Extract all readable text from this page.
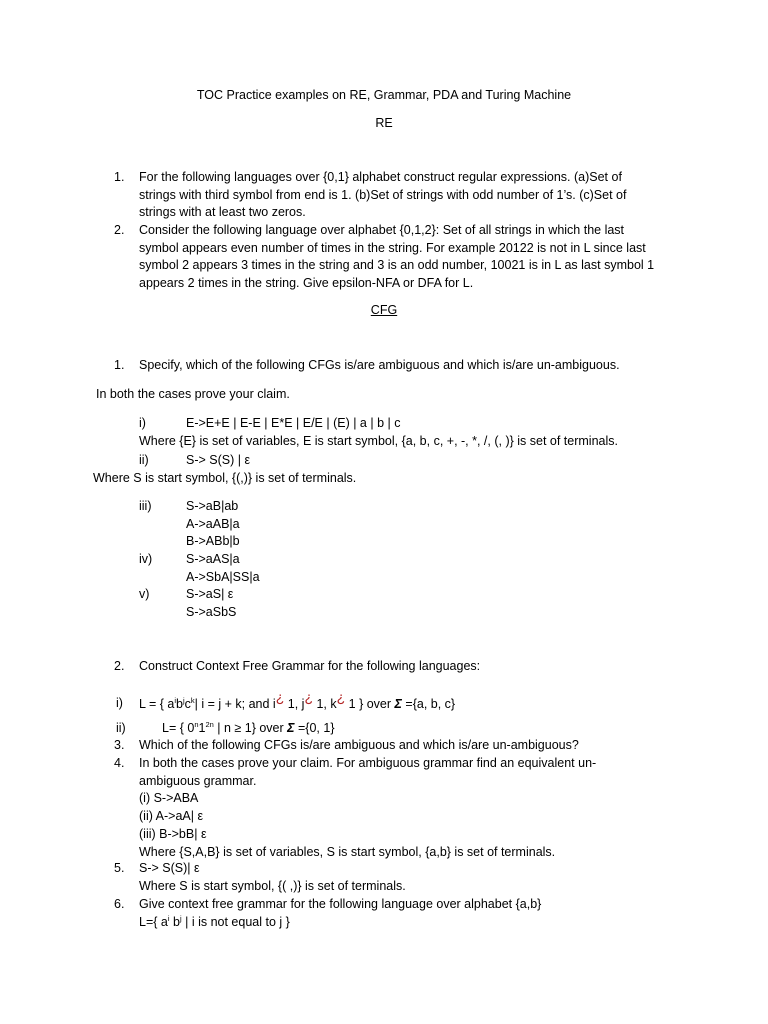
TOC Practice examples on RE, Grammar, PDA and Turing Machine
RE
1. For the following languages over {0,1} alphabet construct regular expressions. (a)Set of
strings with third symbol from end is 1. (b)Set of strings with odd number of 1’s. (c)Set of
strings with at least two zeros.
2. Consider the following language over alphabet {0,1,2}: Set of all strings in which the last
symbol appears even number of times in the string. For example 20122 is not in L since last
symbol 2 appears 3 times in the string and 3 is an odd number, 10021 is in L as last symbol 1
appears 2 times in the string. Give epsilon-NFA or DFA for L.
CFG
1. Specify, which of the following CFGs is/are ambiguous and which is/are un-ambiguous.
In both the cases prove your claim.
i)	E->E+E | E-E | E*E | E/E | (E) | a | b | c
Where {E} is set of variables, E is start symbol, {a, b, c, +, -, *, /, (, )} is set of terminals.
ii)	S-> S(S) | ε
Where S is start symbol, {(,)} is set of terminals.
iii)	S->aB|ab
A->aAB|a
B->ABb|b
iv)	S->aAS|a
A->SbA|SS|a
v)	S->aS| ε
S->aSbS
2. Construct Context Free Grammar for the following languages:
i) L = { $a^ib^jc^k|$ i = j + k; and i¿ 1, j¿ 1, k¿ 1 } over Σ ={a, b, c}
ii)	L= { $0^n1^{2n}$ | n ≥ 1} over Σ ={0, 1}
3. Which of the following CFGs is/are ambiguous and which is/are un-ambiguous?
4. In both the cases prove your claim. For ambiguous grammar find an equivalent un-
ambiguous grammar.
(i) S->ABA
(ii) A->aA| ε
(iii) B->bB| ε
Where {S,A,B} is set of variables, S is start symbol, {a,b} is set of terminals.
5. S-> S(S)| ε
Where S is start symbol, {( ,)} is set of terminals.
6. Give context free grammar for the following language over alphabet {a,b}
L={ $a^i$ $b^j$ | i is not equal to j }
